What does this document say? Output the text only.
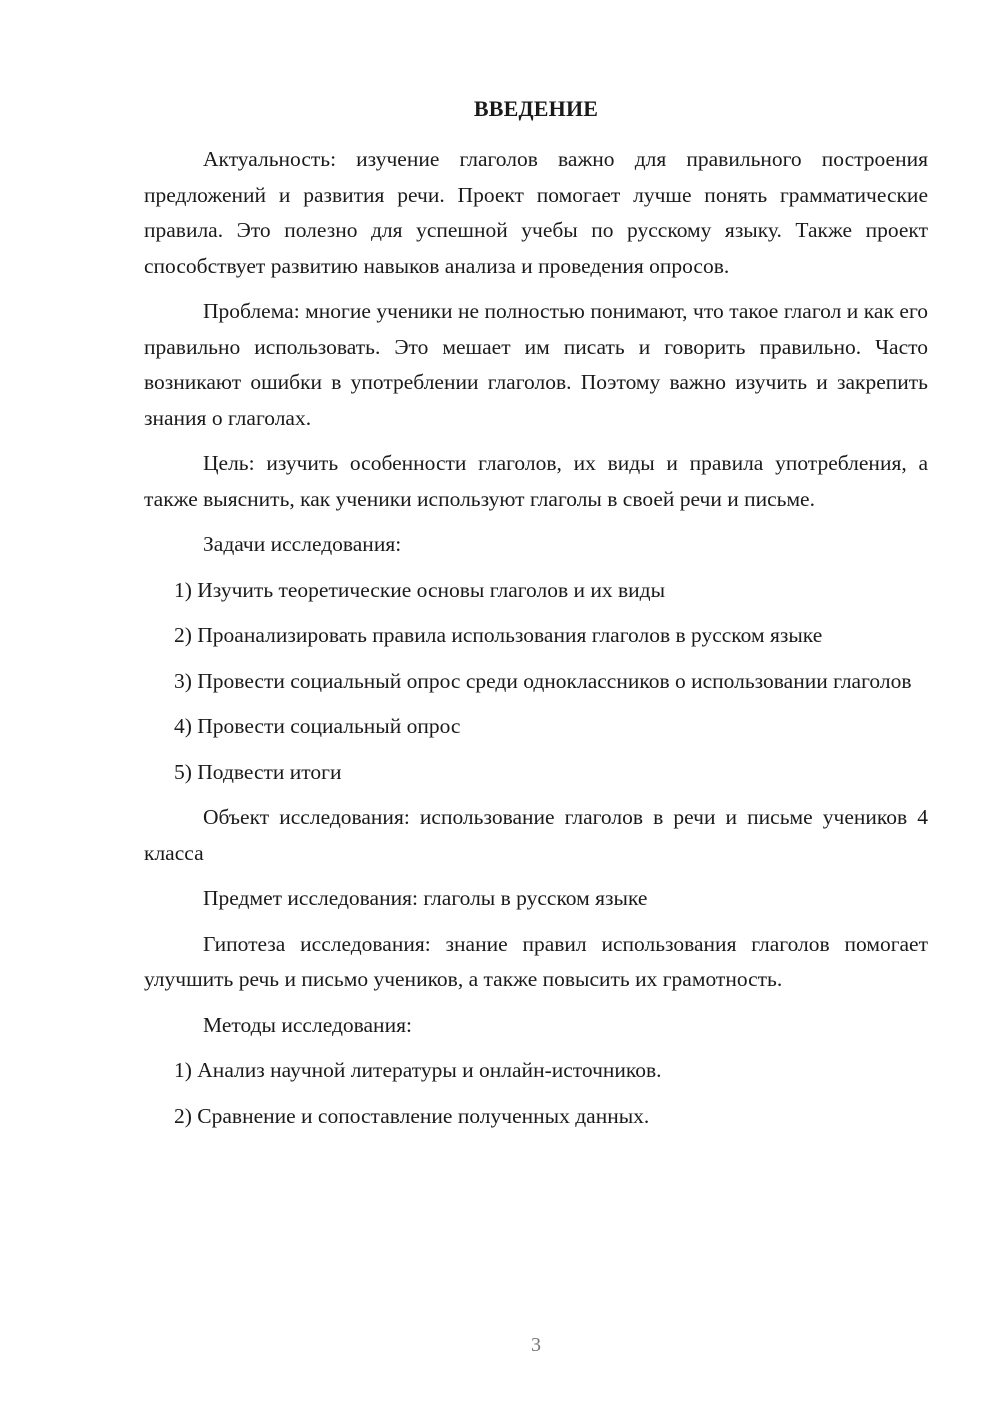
ВВЕДЕНИЕ

Актуальность: изучение глаголов важно для правильного построения предложений и развития речи. Проект помогает лучше понять грамматические правила. Это полезно для успешной учебы по русскому языку. Также проект способствует развитию навыков анализа и проведения опросов.

Проблема: многие ученики не полностью понимают, что такое глагол и как его правильно использовать. Это мешает им писать и говорить правильно. Часто возникают ошибки в употреблении глаголов. Поэтому важно изучить и закрепить знания о глаголах.

Цель: изучить особенности глаголов, их виды и правила употребления, а также выяснить, как ученики используют глаголы в своей речи и письме.

Задачи исследования:

1) Изучить теоретические основы глаголов и их виды

2) Проанализировать правила использования глаголов в русском языке

3) Провести социальный опрос среди одноклассников о использовании глаголов

4) Провести социальный опрос

5) Подвести итоги

Объект исследования: использование глаголов в речи и письме учеников 4 класса

Предмет исследования: глаголы в русском языке

Гипотеза исследования: знание правил использования глаголов помогает улучшить речь и письмо учеников, а также повысить их грамотность.

Методы исследования:

1) Анализ научной литературы и онлайн-источников.

2) Сравнение и сопоставление полученных данных.

3
